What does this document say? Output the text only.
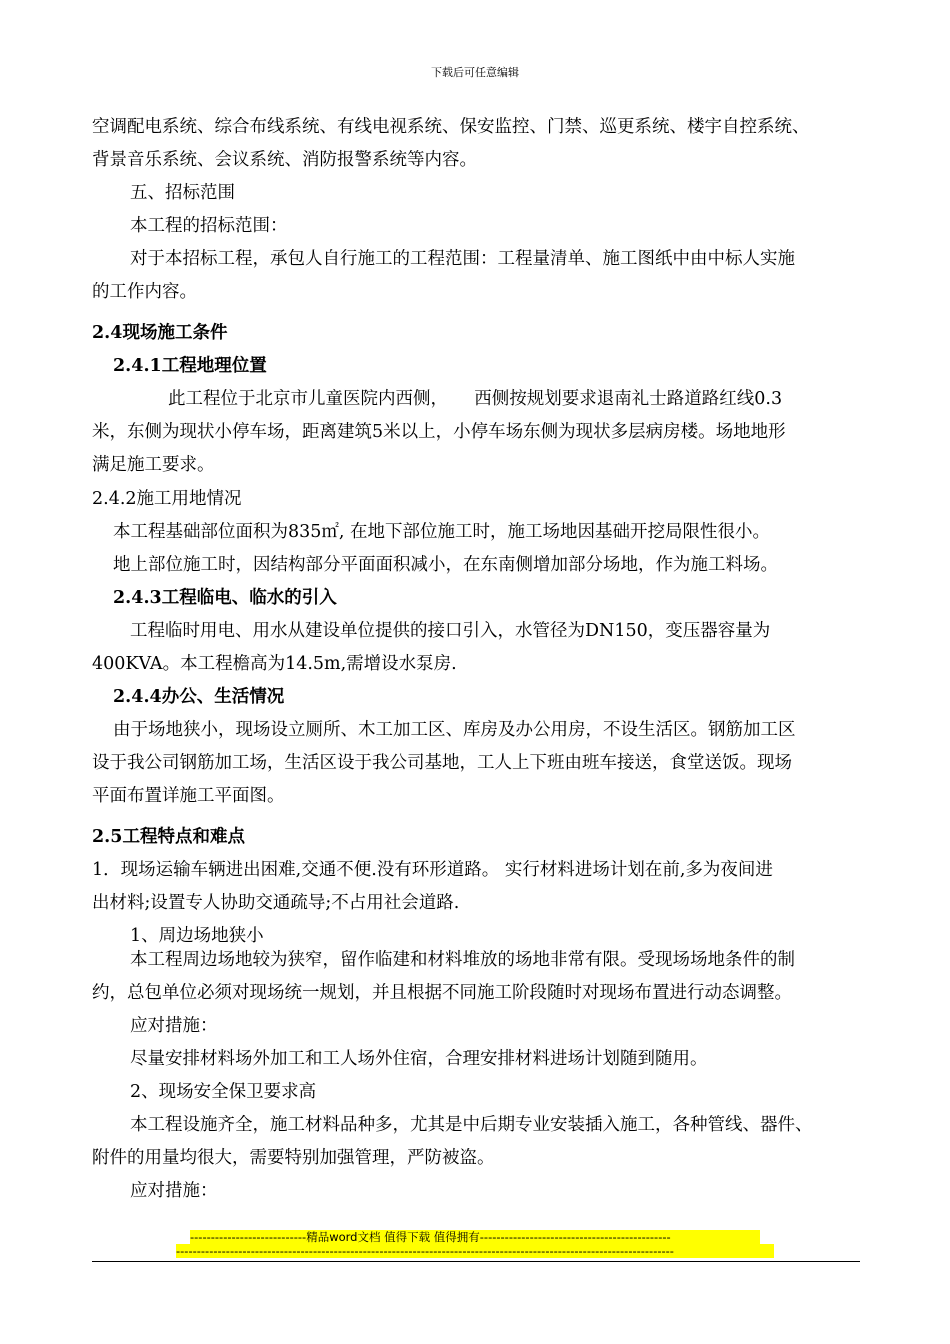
下载后可任意编辑
空调配电系统、综合布线系统、有线电视系统、保安监控、门禁、巡更系统、楼宇自控系统、
背景音乐系统、会议系统、消防报警系统等内容。
五、招标范围
本工程的招标范围：
对于本招标工程，承包人自行施工的工程范围：工程量清单、施工图纸中由中标人实施
的工作内容。
2.4现场施工条件
2.4.1工程地理位置
此工程位于北京市儿童医院内西侧，　　西侧按规划要求退南礼士路道路红线0.3
米，东侧为现状小停车场，距离建筑5米以上，小停车场东侧为现状多层病房楼。场地地形
满足施工要求。
2.4.2施工用地情况
本工程基础部位面积为835㎡, 在地下部位施工时，施工场地因基础开挖局限性很小。
地上部位施工时，因结构部分平面面积减小，在东南侧增加部分场地，作为施工料场。
2.4.3工程临电、临水的引入
工程临时用电、用水从建设单位提供的接口引入，水管径为DN150，变压器容量为
400KVA。本工程檐高为14.5m,需增设水泵房.
2.4.4办公、生活情况
由于场地狭小，现场设立厕所、木工加工区、库房及办公用房，不设生活区。钢筋加工区
设于我公司钢筋加工场，生活区设于我公司基地，工人上下班由班车接送，食堂送饭。现场
平面布置详施工平面图。
2.5工程特点和难点
1．现场运输车辆进出困难,交通不便.没有环形道路。 实行材料进场计划在前,多为夜间进
出材料;设置专人协助交通疏导;不占用社会道路.
1、周边场地狭小
本工程周边场地较为狭窄，留作临建和材料堆放的场地非常有限。受现场场地条件的制
约，总包单位必须对现场统一规划，并且根据不同施工阶段随时对现场布置进行动态调整。
应对措施：
尽量安排材料场外加工和工人场外住宿，合理安排材料进场计划随到随用。
2、现场安全保卫要求高
本工程设施齐全，施工材料品种多，尤其是中后期专业安装插入施工，各种管线、器件、
附件的用量均很大，需要特别加强管理，严防被盗。
应对措施：
----------------------------精品word文档 值得下载 值得拥有----------------------------------------------
------------------------------------------------------------------------------------------------------------------------
